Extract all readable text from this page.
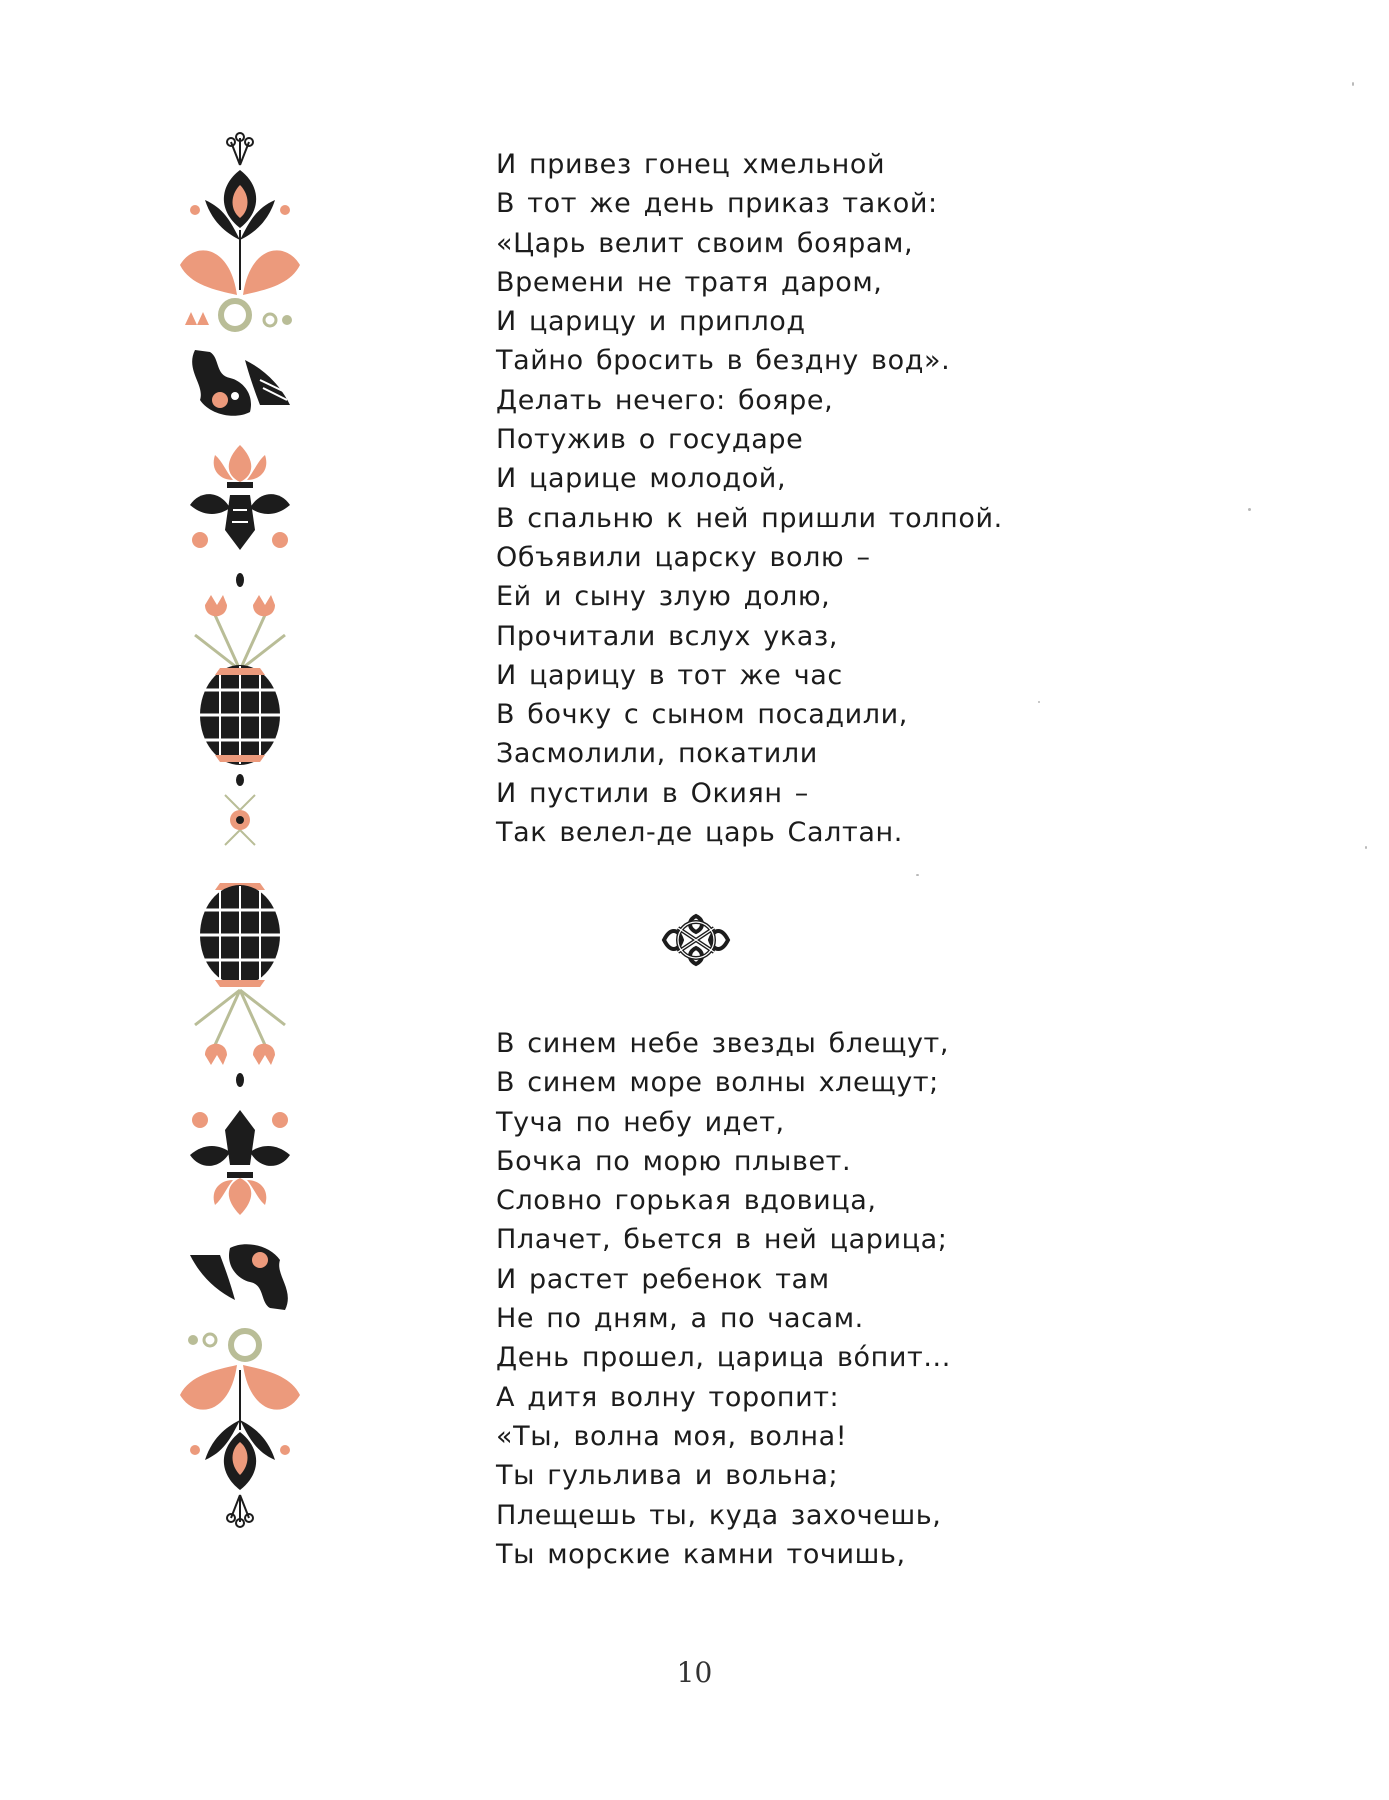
И привез гонец хмельной
В тот же день приказ такой:
«Царь велит своим боярам,
Времени не тратя даром,
И царицу и приплод
Тайно бросить в бездну вод».
Делать нечего: бояре,
Потужив о государе
И царице молодой,
В спальню к ней пришли толпой.
Объявили царску волю –
Ей и сыну злую долю,
Прочитали вслух указ,
И царицу в тот же час
В бочку с сыном посадили,
Засмолили, покатили
И пустили в Окиян –
Так велел-де царь Салтан.
В синем небе звезды блещут,
В синем море волны хлещут;
Туча по небу идет,
Бочка по морю плывет.
Словно горькая вдовица,
Плачет, бьется в ней царица;
И растет ребенок там
Не по дням, а по часам.
День прошел, царица во́пит...
А дитя волну торопит:
«Ты, волна моя, волна!
Ты гульлива и вольна;
Плещешь ты, куда захочешь,
Ты морские камни точишь,
10
